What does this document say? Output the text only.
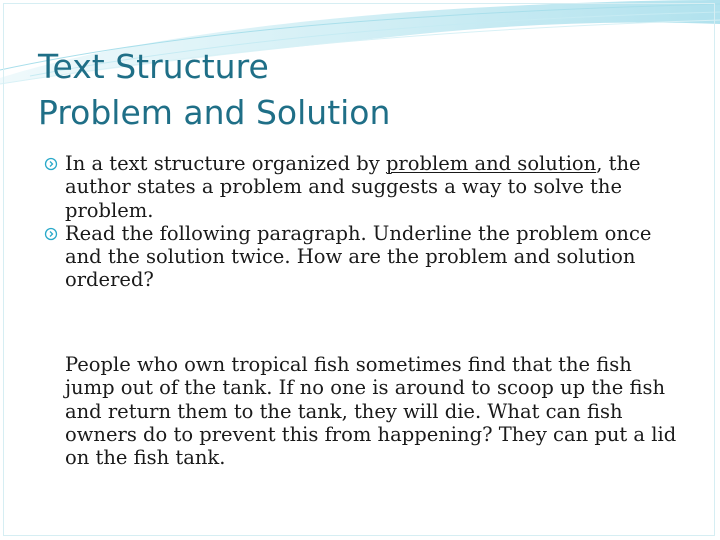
Text Structure
Problem and Solution
In a text structure organized by problem and solution, the author states a problem and suggests a way to solve the problem.
Read the following paragraph. Underline the problem once and the solution twice. How are the problem and solution ordered?
People who own tropical fish sometimes find that the fish jump out of the tank. If no one is around to scoop up the fish and return them to the tank, they will die. What can fish owners do to prevent this from happening? They can put a lid on the fish tank.
